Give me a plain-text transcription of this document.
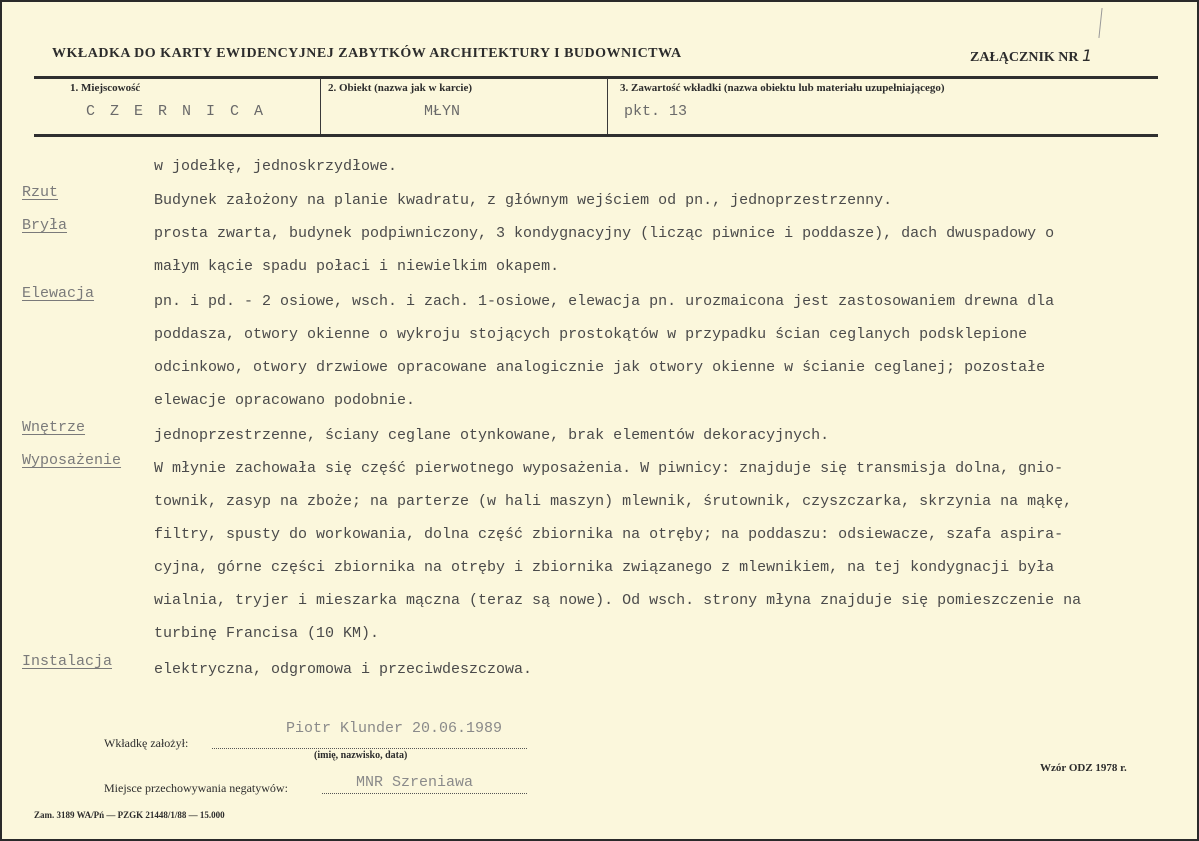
WKŁADKA DO KARTY EWIDENCYJNEJ ZABYTKÓW ARCHITEKTURY I BUDOWNICTWA	ZAŁĄCZNIK NR 1
1. Miejscowość
C Z E R N I C A
2. Obiekt (nazwa jak w karcie)
MŁYN
3. Zawartość wkładki (nazwa obiektu lub materiału uzupełniającego)
pkt. 13
w jodełkę, jednoskrzydłowe.
Rzut	Budynek założony na planie kwadratu, z głównym wejściem od pn., jednoprzestrzenny.
Bryła	prosta zwarta, budynek podpiwniczony, 3 kondygnacyjny (licząc piwnice i poddasze), dach dwuspadowy o
małym kącie spadu połaci i niewielkim okapem.
Elewacja	pn. i pd. - 2 osiowe, wsch. i zach. 1-osiowe, elewacja pn. urozmaicona jest zastosowaniem drewna dla
poddasza, otwory okienne o wykroju stojących prostokątów w przypadku ścian ceglanych podsklepione
odcinkowo, otwory drzwiowe opracowane analogicznie jak otwory okienne w ścianie ceglanej; pozostałe
elewacje opracowano podobnie.
Wnętrze	jednoprzestrzenne, ściany ceglane otynkowane, brak elementów dekoracyjnych.
Wyposażenie W młynie zachowała się część pierwotnego wyposażenia. W piwnicy: znajduje się transmisja dolna, gnio-
townik, zasyp na zboże; na parterze (w hali maszyn) mlewnik, śrutownik, czyszczarka, skrzynia na mąkę,
filtry, spusty do workowania, dolna część zbiornika na otręby; na poddaszu: odsiewacze, szafa aspira-
cyjna, górne części zbiornika na otręby i zbiornika związanego z mlewnikiem, na tej kondygnacji była
wialnia, tryjer i mieszarka mączna (teraz są nowe). Od wsch. strony młyna znajduje się pomieszczenie na
turbinę Francisa (10 KM).
Instalacja	elektryczna, odgromowa i przeciwdeszczowa.
Wkładkę założył:
Piotr Klunder 20.06.1989
(imię, nazwisko, data)
Miejsce przechowywania negatywów:	MNR Szreniawa
Wzór ODZ 1978 r.
Zam. 3189 WA/Pń — PZGK 21448/1/88 — 15.000
